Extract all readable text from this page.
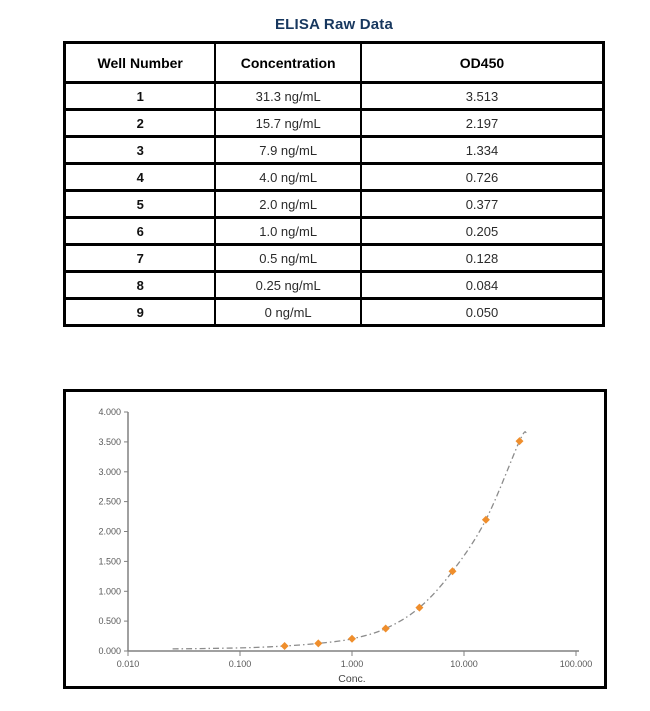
ELISA Raw Data
Well Number	Concentration	OD450
1	31.3 ng/mL	3.513
2	15.7 ng/mL	2.197
3	7.9 ng/mL	1.334
4	4.0 ng/mL	0.726
5	2.0 ng/mL	0.377
6	1.0 ng/mL	0.205
7	0.5 ng/mL	0.128
8	0.25 ng/mL	0.084
9	0 ng/mL	0.050
0.000
0.500
1.000
1.500
2.000
2.500
3.000
3.500
4.000
0.010	0.100	1.000	10.000	100.000
Conc.
